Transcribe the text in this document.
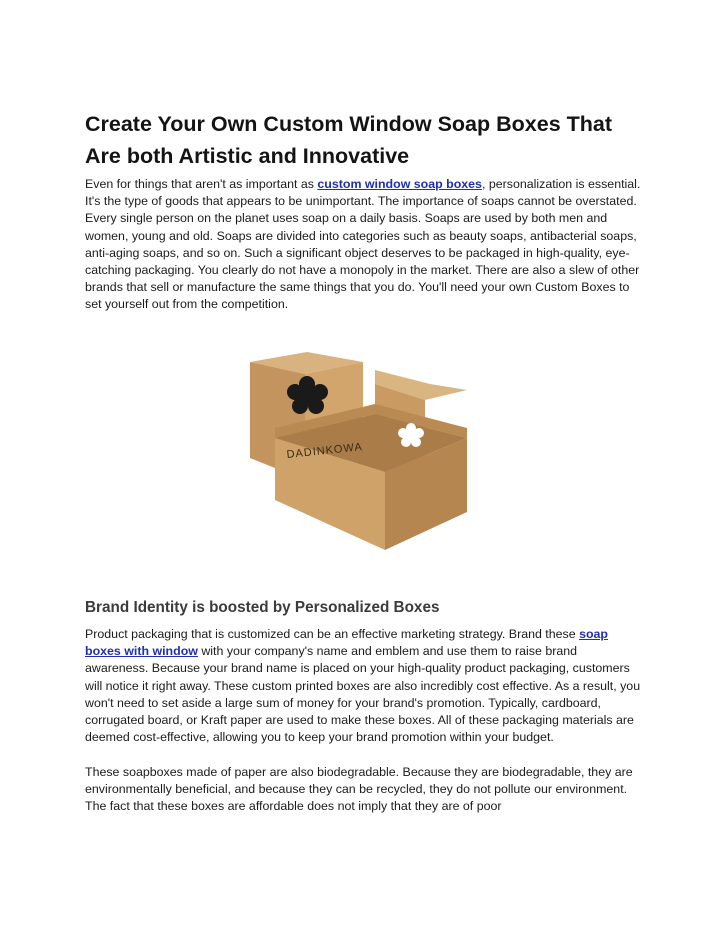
Create Your Own Custom Window Soap Boxes That Are both Artistic and Innovative

Even for things that aren't as important as custom window soap boxes, personalization is essential. It's the type of goods that appears to be unimportant. The importance of soaps cannot be overstated. Every single person on the planet uses soap on a daily basis. Soaps are used by both men and women, young and old. Soaps are divided into categories such as beauty soaps, antibacterial soaps, anti-aging soaps, and so on. Such a significant object deserves to be packaged in high-quality, eye-catching packaging. You clearly do not have a monopoly in the market. There are also a slew of other brands that sell or manufacture the same things that you do. You'll need your own Custom Boxes to set yourself out from the competition.

DADINKOWA
Brand Identity is boosted by Personalized Boxes

Product packaging that is customized can be an effective marketing strategy. Brand these soap boxes with window with your company's name and emblem and use them to raise brand awareness. Because your brand name is placed on your high-quality product packaging, customers will notice it right away. These custom printed boxes are also incredibly cost effective. As a result, you won't need to set aside a large sum of money for your brand's promotion. Typically, cardboard, corrugated board, or Kraft paper are used to make these boxes. All of these packaging materials are deemed cost-effective, allowing you to keep your brand promotion within your budget.

These soapboxes made of paper are also biodegradable. Because they are biodegradable, they are environmentally beneficial, and because they can be recycled, they do not pollute our environment. The fact that these boxes are affordable does not imply that they are of poor
